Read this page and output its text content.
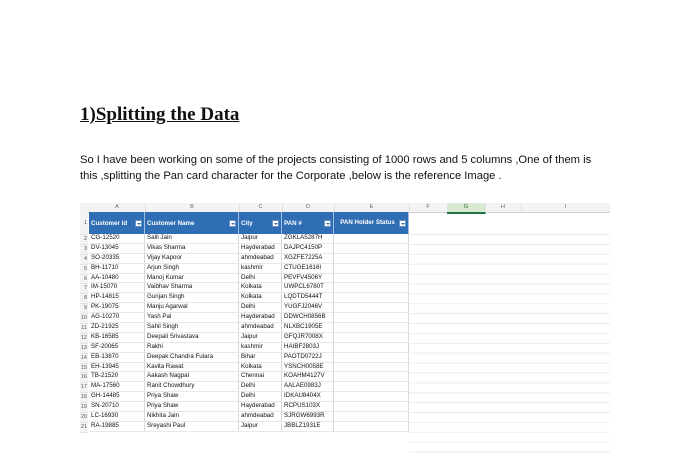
1)Splitting the Data

So I have been working on some of the projects consisting of 1000 rows and 5 columns ,One of them is this ,splitting the Pan card character for the Corporate ,below is the reference Image .

A	B	C	D	E	F	G	H	I
1
2
3
4
5
6
7
8
9
10
11
12
13
14
15
16
17
18
19
20
21
Customer Id	Customer Name	City	PAN #	PAN Holder Status
CG-12520	Salil Jain	Jaipur	ZGKLA5287H
DV-13045	Vikas Sharma	Hayderabad	DAJPC4150P
SO-20335	Vijay Kapoor	ahmdeabad	XGZFE7225A
BH-11710	Arjun Singh	kashmir	CTUGE1616I
AA-10480	Manoj Kumar	Delhi	PEVFV4506Y
IM-15070	Vaibhav Sharma	Kolkata	UWPCL6780T
HP-14815	Gunjan Singh	Kolkata	LQDTD5444T
PK-19075	Manju Agarwal	Delhi	YUGFJ2046V
AG-10270	Yash Pal	Hayderabad	DDWCH0856B
ZD-21925	Sahil Singh	ahmdeabad	NLXBC1905E
KB-16585	Deepali Srivastava	Jaipur	GFQJR7008X
SF-20065	Rakhi	kashmir	HAIBF2803J
EB-13870	Deepak Chandra Fulara	Bihar	PAOTD0722J
EH-13945	Kavita Rawat	Kolkata	YSNCH0058E
TB-21520	Aakash Nagpal	Chennai	KOAHM4127V
MA-17560	Ranit Chowdhury	Delhi	AALAE0983J
GH-14485	Priya Shaw	Delhi	IDKAU8404X
SN-20710	Priya Shaw	Hayderabad	RCPUS103X
LC-16930	Nikhita Jain	ahmdeabad	SJRGW6993R
RA-19885	Sreyashi Paul	Jaipur	JBBLZ1931E
